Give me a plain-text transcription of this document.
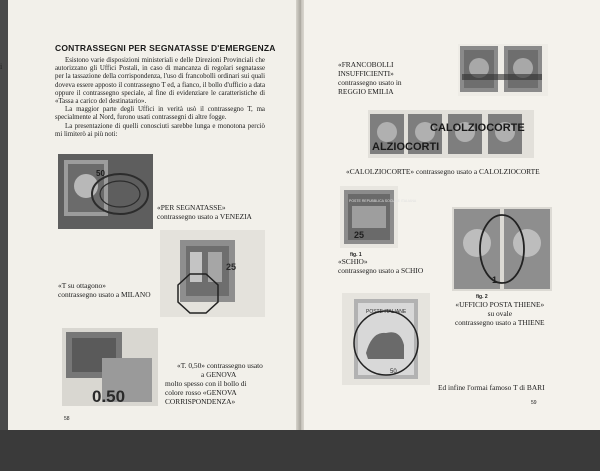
i
CONTRASSEGNI PER SEGNATASSE D'EMERGENZA

Esistono varie disposizioni ministeriali e delle Direzioni Provinciali che autorizzano gli Uffici Postali, in caso di mancanza di regolari segnatasse per la tassazione della corrispondenza, l'uso di francobolli ordinari sui quali doveva essere apposto il contrassegno T ed, a fianco, il bollo d'ufficio a data oppure il contrassegno speciale, al fine di evidenziare le caratteristiche di «Tassa a carico del destinatario».

La maggior parte degli Uffici in verità usò il contrassegno T, ma specialmente al Nord, furono usati contrassegni di altre fogge.

La presentazione di quelli conosciuti sarebbe lunga e monotona perciò mi limiterò ai più noti:

50
«PER SEGNATASSE»
contrassegno usato a VENEZIA
25
«T su ottagono»
contrassegno usato a MILANO
0.50
«T. 0,50» contrassegno usato
a GENOVA
molto spesso con il bollo di
colore rosso «GENOVA
CORRISPONDENZA»
58
«FRANCOBOLLI
INSUFFICIENTI»
contrassegno usato in
REGGIO EMILIA
CALOLZIOCORTE
ALZIOCORTI
«CALOLZIOCORTE» contrassegno usato a CALOLZIOCORTE
POSTE REPUBBLICA SOCIALE ITALIANA
25
fig. 1
«SCHIO»
contrassegno usato a SCHIO
1
fig. 2
«UFFICIO POSTA THIENE»
su ovale
contrassegno usato a THIENE
POSTE ITALIANE
50
Ed infine l'ormai famoso T di BARI
59
